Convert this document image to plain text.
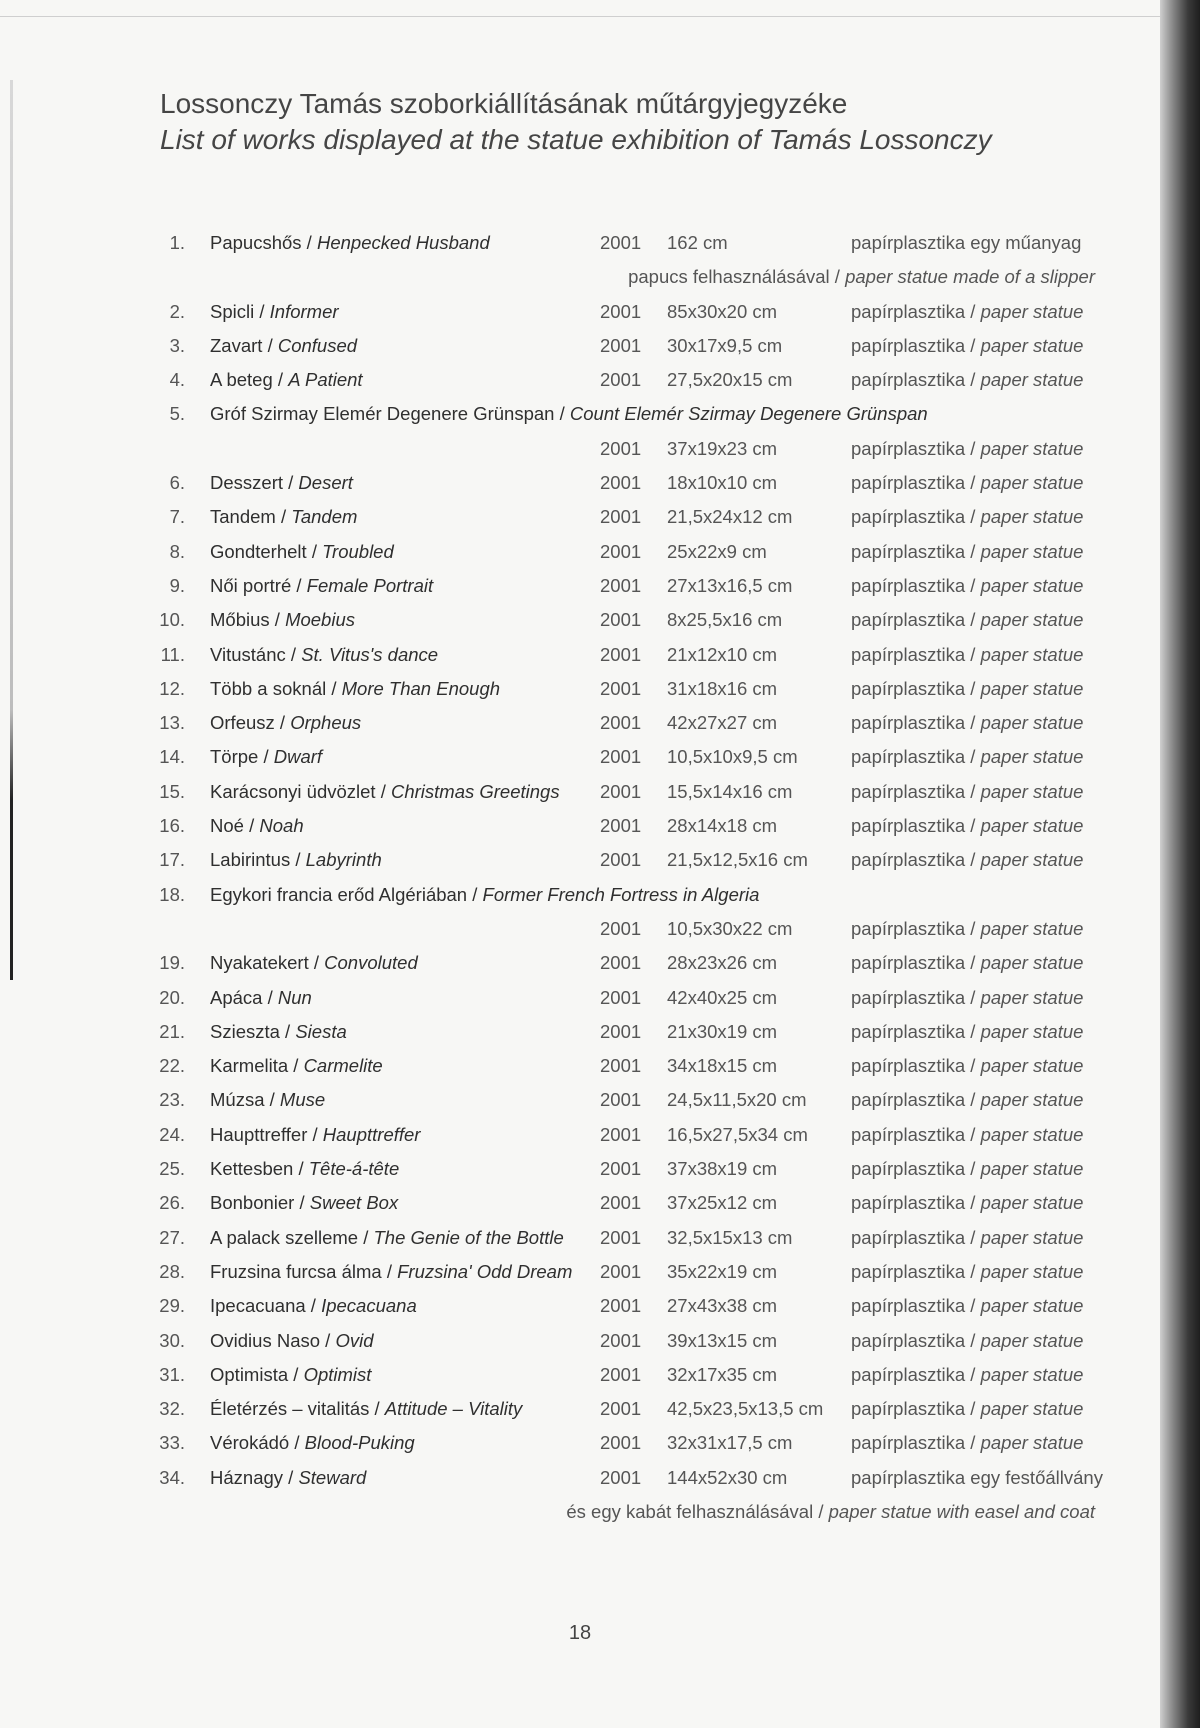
Lossonczy Tamás szoborkiállításának műtárgyjegyzéke
List of works displayed at the statue exhibition of Tamás Lossonczy
1. Papucshős / Henpecked Husband	2001 162 cm	papírplasztika egy műanyag
papucs felhasználásával / paper statue made of a slipper
2. Spicli / Informer	2001 85x30x20 cm	papírplasztika / paper statue
3. Zavart / Confused	2001 30x17x9,5 cm	papírplasztika / paper statue
4. A beteg / A Patient	2001 27,5x20x15 cm	papírplasztika / paper statue
5. Gróf Szirmay Elemér Degenere Grünspan / Count Elemér Szirmay Degenere Grünspan
2001 37x19x23 cm	papírplasztika / paper statue
6. Desszert / Desert	2001 18x10x10 cm	papírplasztika / paper statue
7. Tandem / Tandem	2001 21,5x24x12 cm	papírplasztika / paper statue
8. Gondterhelt / Troubled	2001 25x22x9 cm	papírplasztika / paper statue
9. Női portré / Female Portrait	2001 27x13x16,5 cm	papírplasztika / paper statue
10. Mőbius / Moebius	2001 8x25,5x16 cm	papírplasztika / paper statue
11. Vitustánc / St. Vitus's dance	2001 21x12x10 cm	papírplasztika / paper statue
12. Több a soknál / More Than Enough	2001 31x18x16 cm	papírplasztika / paper statue
13. Orfeusz / Orpheus	2001 42x27x27 cm	papírplasztika / paper statue
14. Törpe / Dwarf	2001 10,5x10x9,5 cm	papírplasztika / paper statue
15. Karácsonyi üdvözlet / Christmas Greetings 2001 15,5x14x16 cm	papírplasztika / paper statue
16. Noé / Noah	2001 28x14x18 cm	papírplasztika / paper statue
17. Labirintus / Labyrinth	2001 21,5x12,5x16 cm papírplasztika / paper statue
18. Egykori francia erőd Algériában / Former French Fortress in Algeria
2001 10,5x30x22 cm	papírplasztika / paper statue
19. Nyakatekert / Convoluted	2001 28x23x26 cm	papírplasztika / paper statue
20. Apáca / Nun	2001 42x40x25 cm	papírplasztika / paper statue
21. Szieszta / Siesta	2001 21x30x19 cm	papírplasztika / paper statue
22. Karmelita / Carmelite	2001 34x18x15 cm	papírplasztika / paper statue
23. Múzsa / Muse	2001 24,5x11,5x20 cm papírplasztika / paper statue
24. Haupttreffer / Haupttreffer	2001 16,5x27,5x34 cm papírplasztika / paper statue
25. Kettesben / Tête-á-tête	2001 37x38x19 cm	papírplasztika / paper statue
26. Bonbonier / Sweet Box	2001 37x25x12 cm	papírplasztika / paper statue
27. A palack szelleme / The Genie of the Bottle 2001 32,5x15x13 cm	papírplasztika / paper statue
28. Fruzsina furcsa álma / Fruzsina' Odd Dream 2001 35x22x19 cm	papírplasztika / paper statue
29. Ipecacuana / Ipecacuana	2001 27x43x38 cm	papírplasztika / paper statue
30. Ovidius Naso / Ovid	2001 39x13x15 cm	papírplasztika / paper statue
31. Optimista / Optimist	2001 32x17x35 cm	papírplasztika / paper statue
32. Életérzés – vitalitás / Attitude – Vitality	2001 42,5x23,5x13,5 cm papírplasztika / paper statue
33. Vérokádó / Blood-Puking	2001 32x31x17,5 cm	papírplasztika / paper statue
34. Háznagy / Steward	2001 144x52x30 cm	papírplasztika egy festőállvány
és egy kabát felhasználásával / paper statue with easel and coat
18
